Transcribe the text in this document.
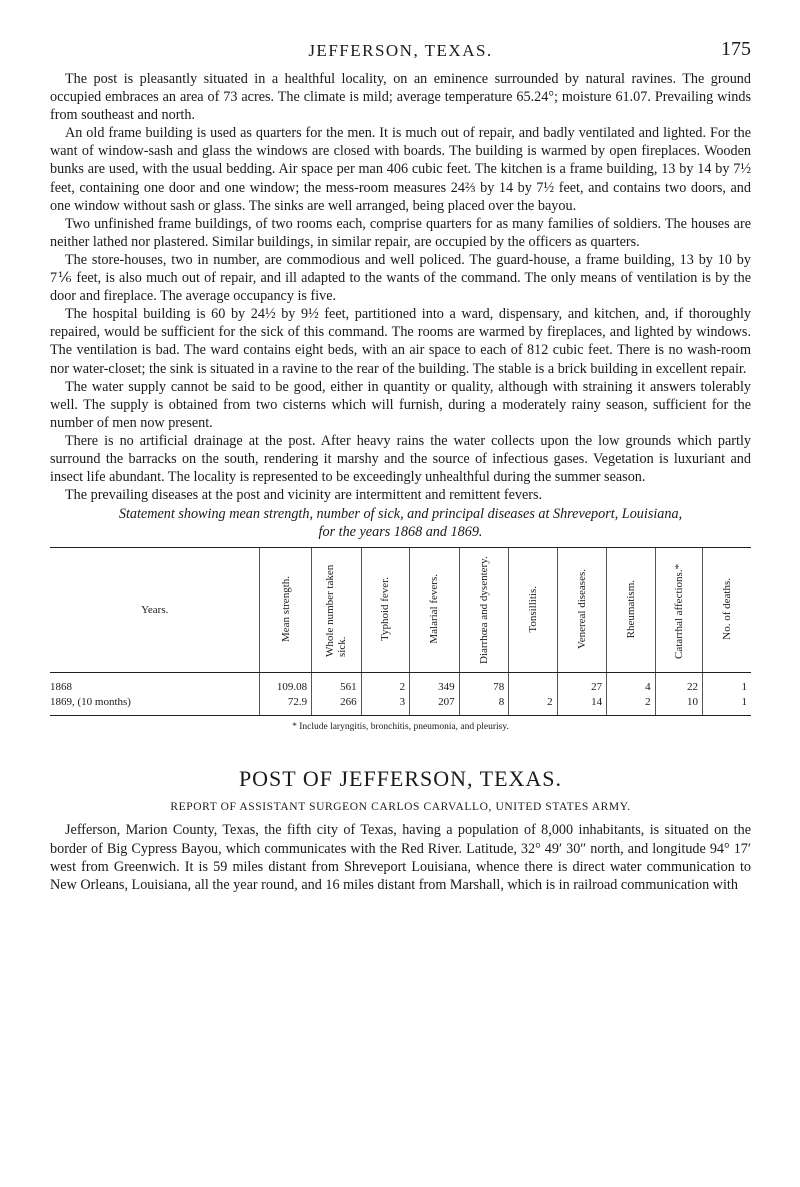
JEFFERSON, TEXAS.	175

The post is pleasantly situated in a healthful locality, on an eminence surrounded by natural ravines. The ground occupied embraces an area of 73 acres. The climate is mild; average temperature 65.24°; moisture 61.07. Prevailing winds from southeast and north.

An old frame building is used as quarters for the men. It is much out of repair, and badly ventilated and lighted. For the want of window-sash and glass the windows are closed with boards. The building is warmed by open fireplaces. Wooden bunks are used, with the usual bedding. Air space per man 406 cubic feet. The kitchen is a frame building, 13 by 14 by 7½ feet, containing one door and one window; the mess-room measures 24⅔ by 14 by 7½ feet, and contains two doors, and one window without sash or glass. The sinks are well arranged, being placed over the bayou.

Two unfinished frame buildings, of two rooms each, comprise quarters for as many families of soldiers. The houses are neither lathed nor plastered. Similar buildings, in similar repair, are occupied by the officers as quarters.

The store-houses, two in number, are commodious and well policed. The guard-house, a frame building, 13 by 10 by 7⅙ feet, is also much out of repair, and ill adapted to the wants of the command. The only means of ventilation is by the door and fireplace. The average occupancy is five.

The hospital building is 60 by 24½ by 9½ feet, partitioned into a ward, dispensary, and kitchen, and, if thoroughly repaired, would be sufficient for the sick of this command. The rooms are warmed by fireplaces, and lighted by windows. The ventilation is bad. The ward contains eight beds, with an air space to each of 812 cubic feet. There is no wash-room nor water-closet; the sink is situated in a ravine to the rear of the building. The stable is a brick building in excellent repair.

The water supply cannot be said to be good, either in quantity or quality, although with straining it answers tolerably well. The supply is obtained from two cisterns which will furnish, during a moderately rainy season, sufficient for the number of men now present.

There is no artificial drainage at the post. After heavy rains the water collects upon the low grounds which partly surround the barracks on the south, rendering it marshy and the source of infectious gases. Vegetation is luxuriant and insect life abundant. The locality is represented to be exceedingly unhealthful during the summer season.

The prevailing diseases at the post and vicinity are intermittent and remittent fevers.

Statement showing mean strength, number of sick, and principal diseases at Shreveport, Louisiana,
for the years 1868 and 1869.
Years.	Mean strength.	Whole number taken sick.	Typhoid fever.	Malarial fevers.	Diarrhœa and dysentery.	Tonsillitis.	Venereal diseases.	Rheumatism.	Catarrhal affections.*	No. of deaths.
1868	109.08	561	2	349	78		27	4	22	1
1869, (10 months)	72.9	266	3	207	8	2	14	2	10	1
* Include laryngitis, bronchitis, pneumonia, and pleurisy.
POST OF JEFFERSON, TEXAS.
REPORT OF ASSISTANT SURGEON CARLOS CARVALLO, UNITED STATES ARMY.

Jefferson, Marion County, Texas, the fifth city of Texas, having a population of 8,000 inhabitants, is situated on the border of Big Cypress Bayou, which communicates with the Red River. Latitude, 32° 49′ 30″ north, and longitude 94° 17′ west from Greenwich. It is 59 miles distant from Shreveport Louisiana, whence there is direct water communication to New Orleans, Louisiana, all the year round, and 16 miles distant from Marshall, which is in railroad communication with
